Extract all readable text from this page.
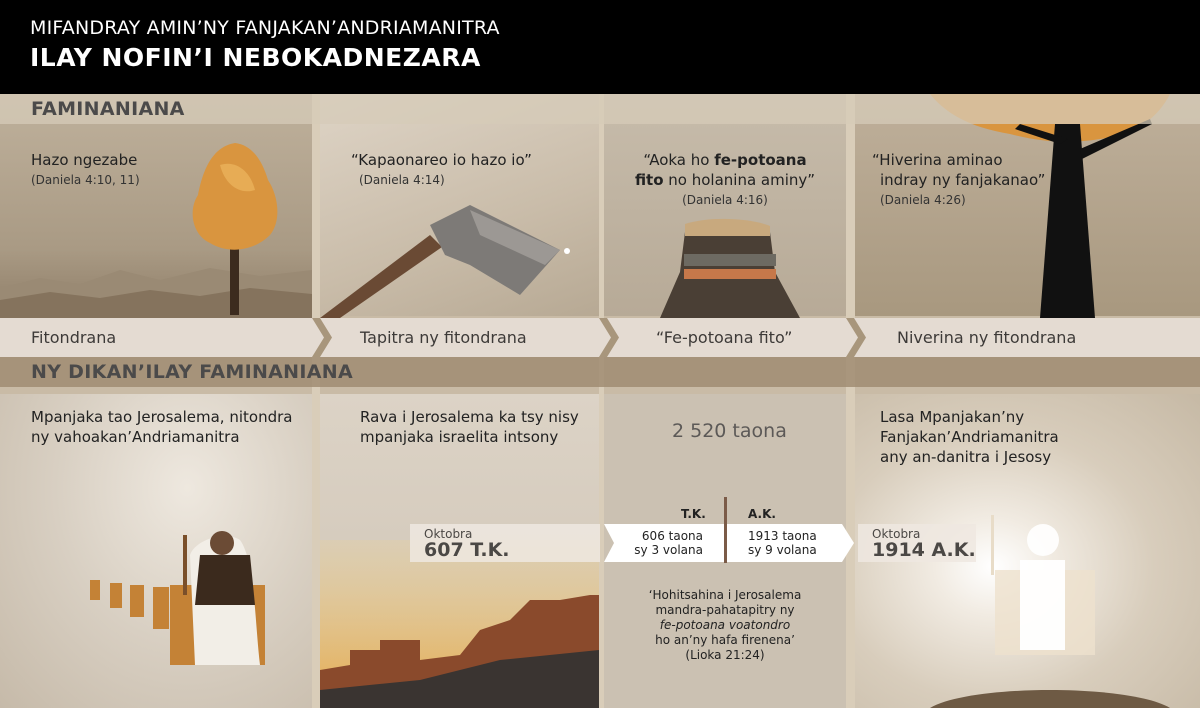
MIFANDRAY AMIN’NY FANJAKAN’ANDRIAMANITRA
ILAY NOFIN’I NEBOKADNEZARA
FAMINANIANA
Hazo ngezabe
(Daniela 4:10, 11)
“Kapaonareo io hazo io”
(Daniela 4:14)
“Aoka ho fe-potoana
fito no holanina aminy”
(Daniela 4:16)
“Hiverina aminao
indray ny fanjakanao”
(Daniela 4:26)
Fitondrana	Tapitra ny fitondrana	“Fe-potoana fito”	Niverina ny fitondrana
NY DIKAN’ILAY FAMINANIANA
Mpanjaka tao Jerosalema, nitondra
ny vahoakan’Andriamanitra
Rava i Jerosalema ka tsy nisy
mpanjaka israelita intsony	2 520 taona
Lasa Mpanjakan’ny
Fanjakan’Andriamanitra
any an-danitra i Jesosy
Oktobra
607 T.K.
T.K.	A.K.
606 taona
sy 3 volana
1913 taona
sy 9 volana
Oktobra
1914 A.K.
‘Hohitsahina i Jerosalema
mandra-pahatapitry ny
fe-potoana voatondro
ho an’ny hafa firenena’
(Lioka 21:24)
